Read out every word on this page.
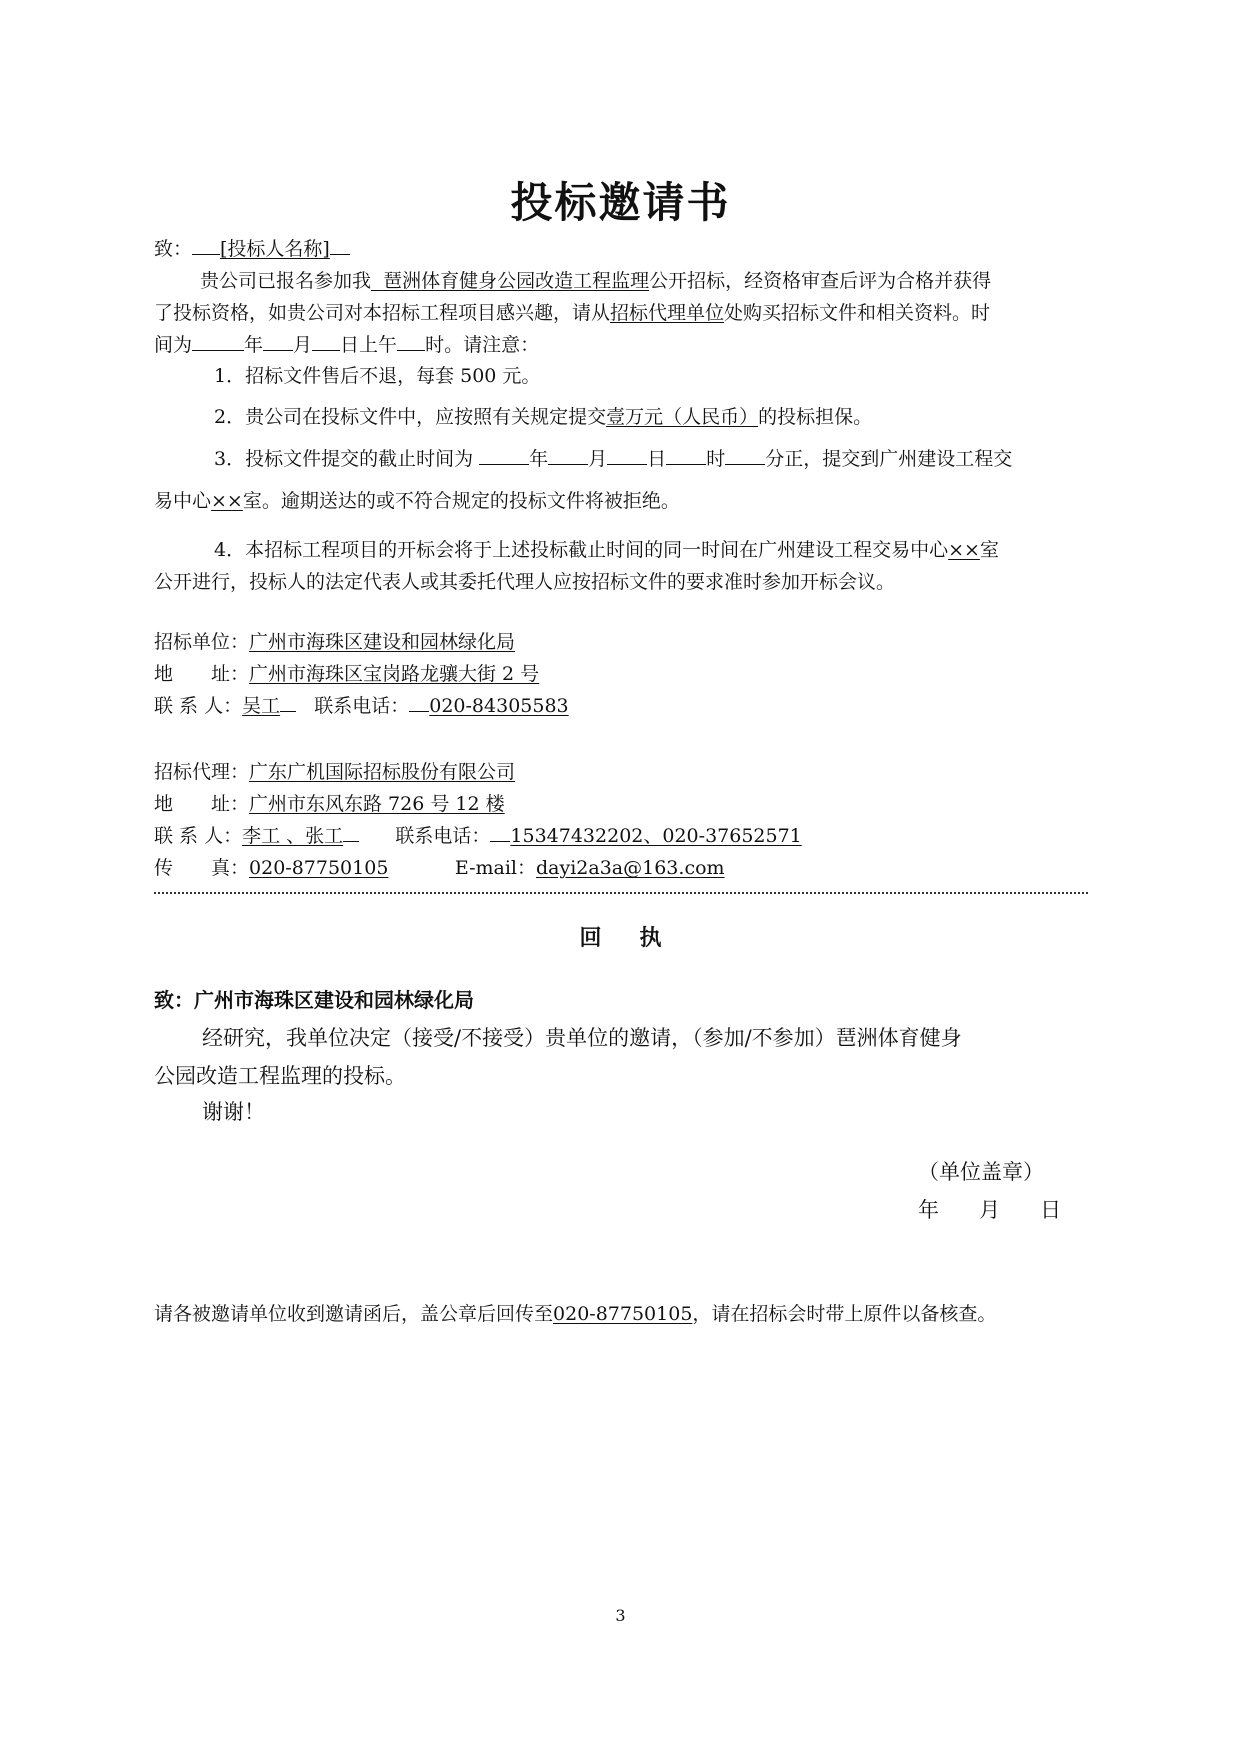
投标邀请书
致： [投标人名称]
贵公司已报名参加我 琶洲体育健身公园改造工程监理公开招标，经资格审查后评为合格并获得
了投标资格，如贵公司对本招标工程项目感兴趣，请从招标代理单位处购买招标文件和相关资料。时
间为	年 月 日上午 时。请注意：
1．招标文件售后不退，每套 500 元。
2．贵公司在投标文件中，应按照有关规定提交壹万元（人民币）的投标担保。
3．投标文件提交的截止时间为	年 月 日 时 分正，提交到广州建设工程交
易中心××室。逾期送达的或不符合规定的投标文件将被拒绝。
4．本招标工程项目的开标会将于上述投标截止时间的同一时间在广州建设工程交易中心××室
公开进行，投标人的法定代表人或其委托代理人应按招标文件的要求准时参加开标会议。
招标单位：广州市海珠区建设和园林绿化局
地　　址：广州市海珠区宝岗路龙骧大街 2 号
联 系 人：吴工 联系电话： 020-84305583
招标代理：广东广机国际招标股份有限公司
地　　址：广州市东风东路 726 号 12 楼
联 系 人：李工 、张工	联系电话： 15347432202、020-37652571
传　　真：020-87750105	E-mail：dayi2a3a@163.com
回执
致：广州市海珠区建设和园林绿化局
经研究，我单位决定（接受/不接受）贵单位的邀请，（参加/不参加）琶洲体育健身
公园改造工程监理的投标。
谢谢！
（单位盖章）
年 月 日
请各被邀请单位收到邀请函后，盖公章后回传至020-87750105，请在招标会时带上原件以备核查。
3
